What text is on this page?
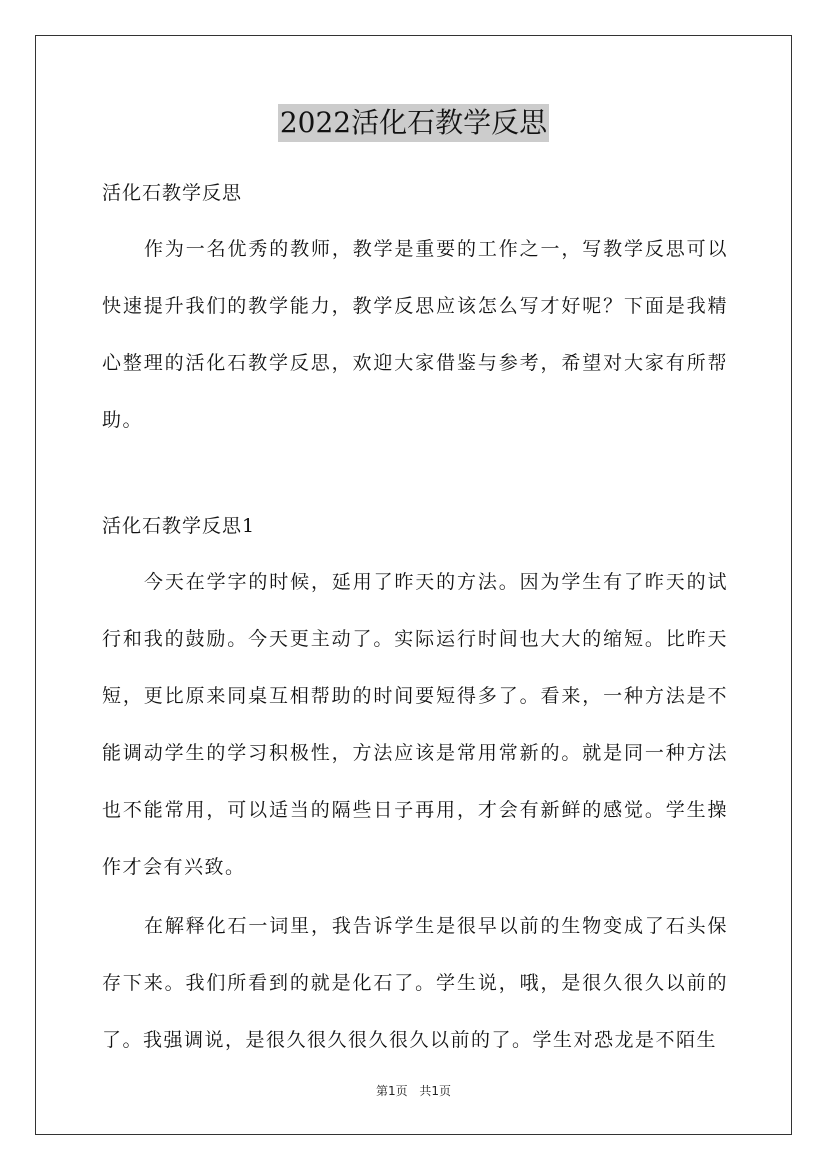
2022活化石教学反思

活化石教学反思

作为一名优秀的教师，教学是重要的工作之一，写教学反思可以快速提升我们的教学能力，教学反思应该怎么写才好呢？下面是我精心整理的活化石教学反思，欢迎大家借鉴与参考，希望对大家有所帮助。

活化石教学反思1

今天在学字的时候，延用了昨天的方法。因为学生有了昨天的试行和我的鼓励。今天更主动了。实际运行时间也大大的缩短。比昨天短，更比原来同桌互相帮助的时间要短得多了。看来，一种方法是不能调动学生的学习积极性，方法应该是常用常新的。就是同一种方法也不能常用，可以适当的隔些日子再用，才会有新鲜的感觉。学生操作才会有兴致。

在解释化石一词里，我告诉学生是很早以前的生物变成了石头保存下来。我们所看到的就是化石了。学生说，哦，是很久很久以前的了。我强调说，是很久很久很久很久以前的了。学生对恐龙是不陌生

第1页 共1页
